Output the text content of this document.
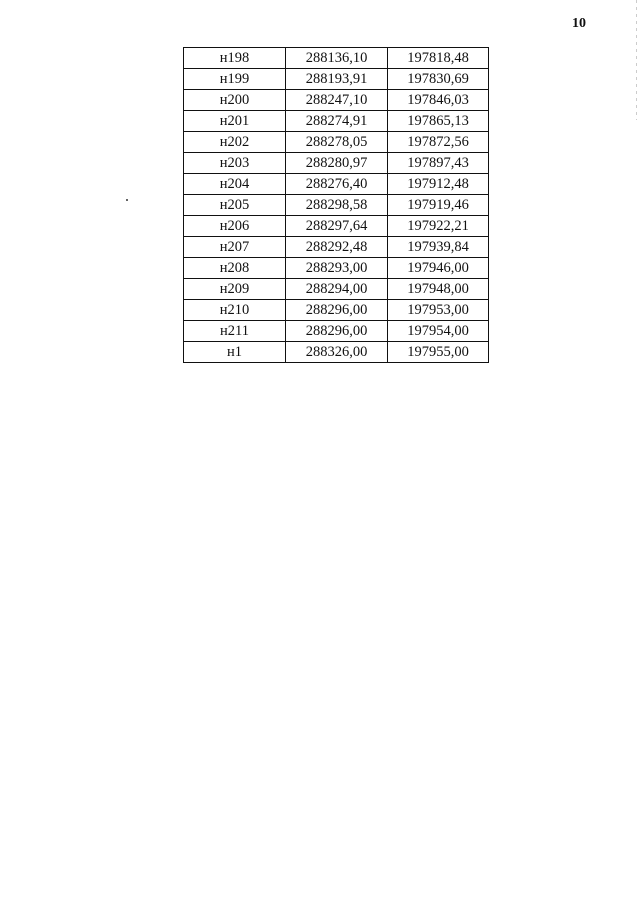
10
н198	288136,10	197818,48
н199	288193,91	197830,69
н200	288247,10	197846,03
н201	288274,91	197865,13
н202	288278,05	197872,56
н203	288280,97	197897,43
н204	288276,40	197912,48
н205	288298,58	197919,46
н206	288297,64	197922,21
н207	288292,48	197939,84
н208	288293,00	197946,00
н209	288294,00	197948,00
н210	288296,00	197953,00
н211	288296,00	197954,00
н1	288326,00	197955,00
